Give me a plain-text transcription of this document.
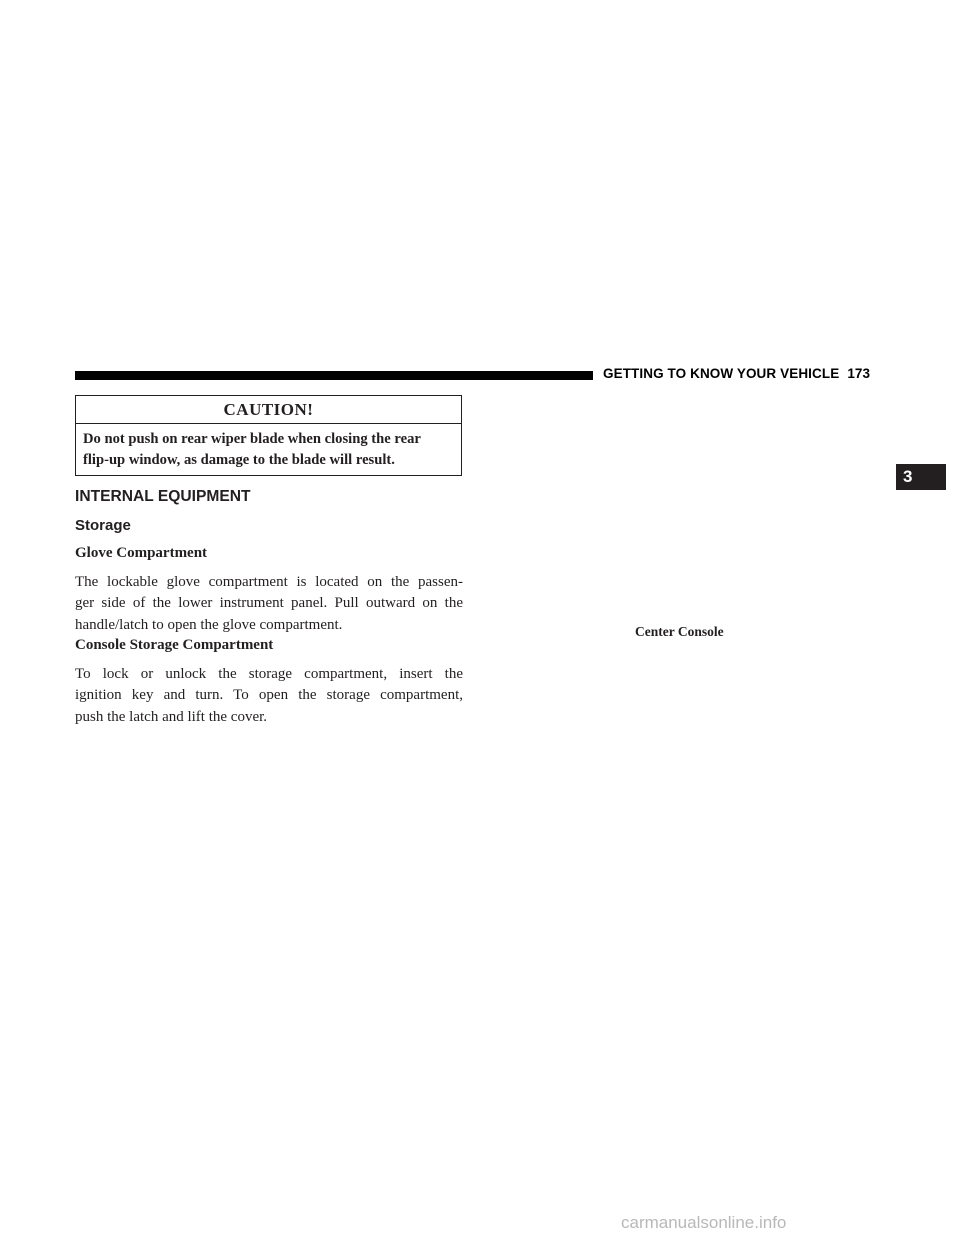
GETTING TO KNOW YOUR VEHICLE 173
3
CAUTION!
Do not push on rear wiper blade when closing the rear
flip-up window, as damage to the blade will result.
INTERNAL EQUIPMENT
Storage
Glove Compartment
The lockable glove compartment is located on the passen-
ger side of the lower instrument panel. Pull outward on the
handle/latch to open the glove compartment.
Console Storage Compartment
To lock or unlock the storage compartment, insert the
ignition key and turn. To open the storage compartment,
push the latch and lift the cover.
Center Console
carmanualsonline.info
